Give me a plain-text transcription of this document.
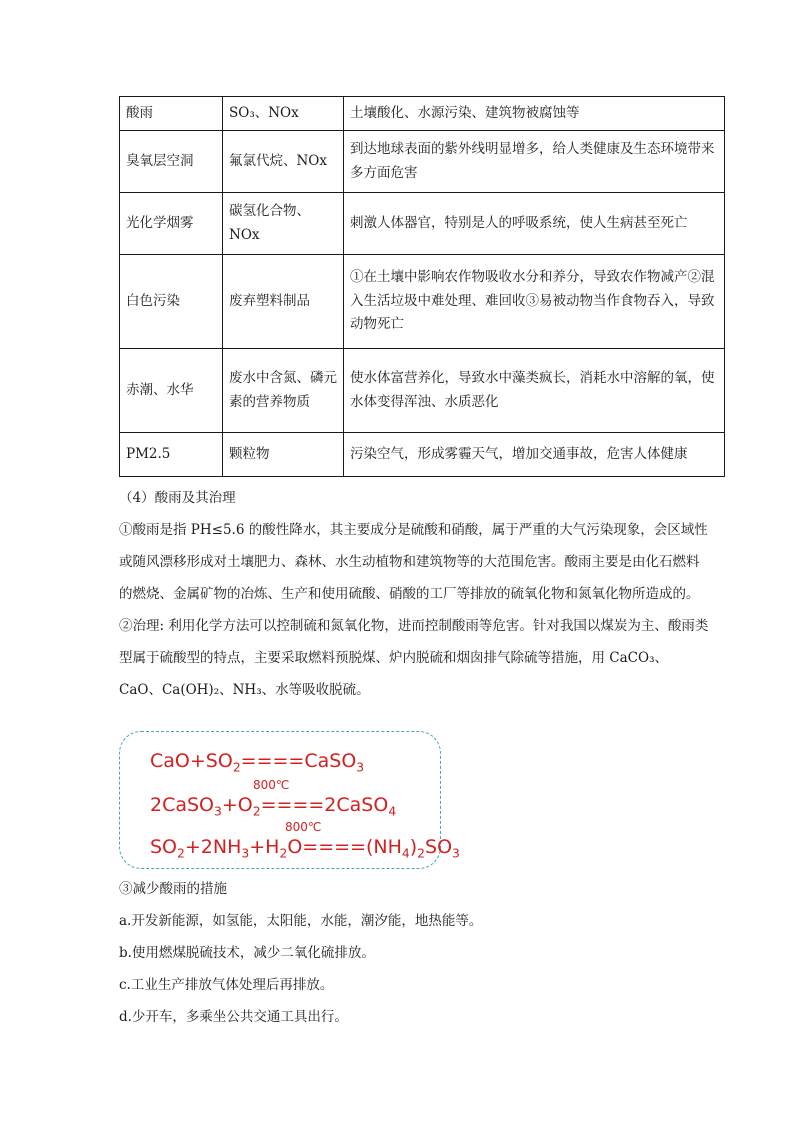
酸雨	SO₃、NOx	土壤酸化、水源污染、建筑物被腐蚀等
臭氧层空洞	氟氯代烷、NOx	到达地球表面的紫外线明显增多，给人类健康及生态环境带来多方面危害
光化学烟雾	碳氢化合物、NOx	刺激人体器官，特别是人的呼吸系统，使人生病甚至死亡
白色污染	废弃塑料制品	①在土壤中影响农作物吸收水分和养分，导致农作物减产②混入生活垃圾中难处理、难回收③易被动物当作食物吞入，导致动物死亡
赤潮、水华	废水中含氮、磷元素的营养物质	使水体富营养化，导致水中藻类疯长，消耗水中溶解的氧，使水体变得浑浊、水质恶化
PM2.5	颗粒物	污染空气，形成雾霾天气，增加交通事故，危害人体健康

（4）酸雨及其治理

①酸雨是指 PH≤5.6 的酸性降水，其主要成分是硫酸和硝酸，属于严重的大气污染现象，会区域性或随风漂移形成对土壤肥力、森林、水生动植物和建筑物等的大范围危害。酸雨主要是由化石燃料的燃烧、金属矿物的冶炼、生产和使用硫酸、硝酸的工厂等排放的硫氧化物和氮氧化物所造成的。

②治理: 利用化学方法可以控制硫和氮氧化物，进而控制酸雨等危害。针对我国以煤炭为主、酸雨类型属于硫酸型的特点，主要采取燃料预脱煤、炉内脱硫和烟囱排气除硫等措施，用 CaCO₃、CaO、Ca(OH)₂、NH₃、水等吸收脱硫。

$CaO+SO_2====CaSO_3$
800℃
$2CaSO_3+O_2====2CaSO_4$
800℃
$SO_2+2NH_3+H_2O====(NH_4)_2SO_3$

③减少酸雨的措施

a.开发新能源，如氢能，太阳能，水能，潮汐能，地热能等。

b.使用燃煤脱硫技术，减少二氧化硫排放。

c.工业生产排放气体处理后再排放。

d.少开车，多乘坐公共交通工具出行。
